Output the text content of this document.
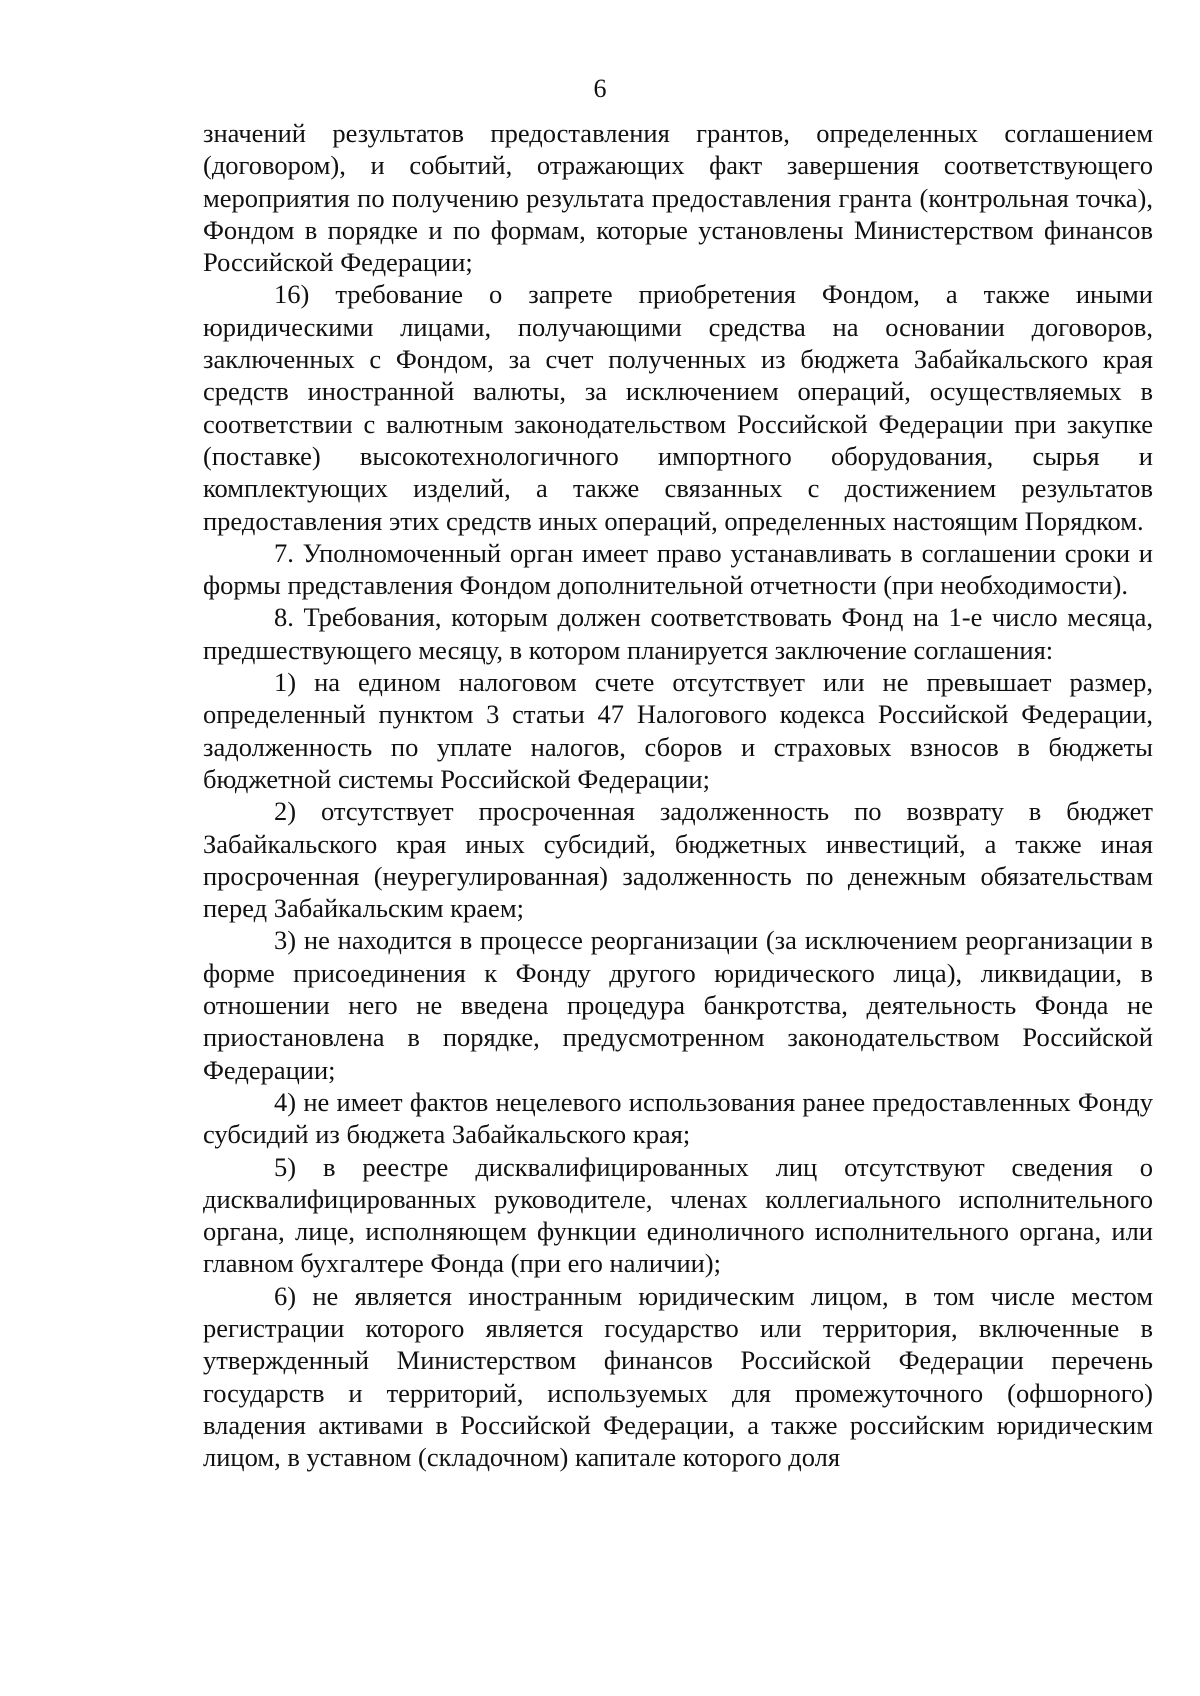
6

значений результатов предоставления грантов, определенных соглашением (договором), и событий, отражающих факт завершения соответствующего мероприятия по получению результата предоставления гранта (контрольная точка), Фондом в порядке и по формам, которые установлены Министерством финансов Российской Федерации;

16) требование о запрете приобретения Фондом, а также иными юридическими лицами, получающими средства на основании договоров, заключенных с Фондом, за счет полученных из бюджета Забайкальского края средств иностранной валюты, за исключением операций, осуществляемых в соответствии с валютным законодательством Российской Федерации при закупке (поставке) высокотехнологичного импортного оборудования, сырья и комплектующих изделий, а также связанных с достижением результатов предоставления этих средств иных операций, определенных настоящим Порядком.

7. Уполномоченный орган имеет право устанавливать в соглашении сроки и формы представления Фондом дополнительной отчетности (при необходимости).

8. Требования, которым должен соответствовать Фонд на 1-е число месяца, предшествующего месяцу, в котором планируется заключение соглашения:

1) на едином налоговом счете отсутствует или не превышает размер, определенный пунктом 3 статьи 47 Налогового кодекса Российской Федерации, задолженность по уплате налогов, сборов и страховых взносов в бюджеты бюджетной системы Российской Федерации;

2) отсутствует просроченная задолженность по возврату в бюджет Забайкальского края иных субсидий, бюджетных инвестиций, а также иная просроченная (неурегулированная) задолженность по денежным обязательствам перед Забайкальским краем;

3) не находится в процессе реорганизации (за исключением реорганизации в форме присоединения к Фонду другого юридического лица), ликвидации, в отношении него не введена процедура банкротства, деятельность Фонда не приостановлена в порядке, предусмотренном законодательством Российской Федерации;

4) не имеет фактов нецелевого использования ранее предоставленных Фонду субсидий из бюджета Забайкальского края;

5) в реестре дисквалифицированных лиц отсутствуют сведения о дисквалифицированных руководителе, членах коллегиального исполнительного органа, лице, исполняющем функции единоличного исполнительного органа, или главном бухгалтере Фонда (при его наличии);

6) не является иностранным юридическим лицом, в том числе местом регистрации которого является государство или территория, включенные в утвержденный Министерством финансов Российской Федерации перечень государств и территорий, используемых для промежуточного (офшорного) владения активами в Российской Федерации, а также российским юридическим лицом, в уставном (складочном) капитале которого доля
